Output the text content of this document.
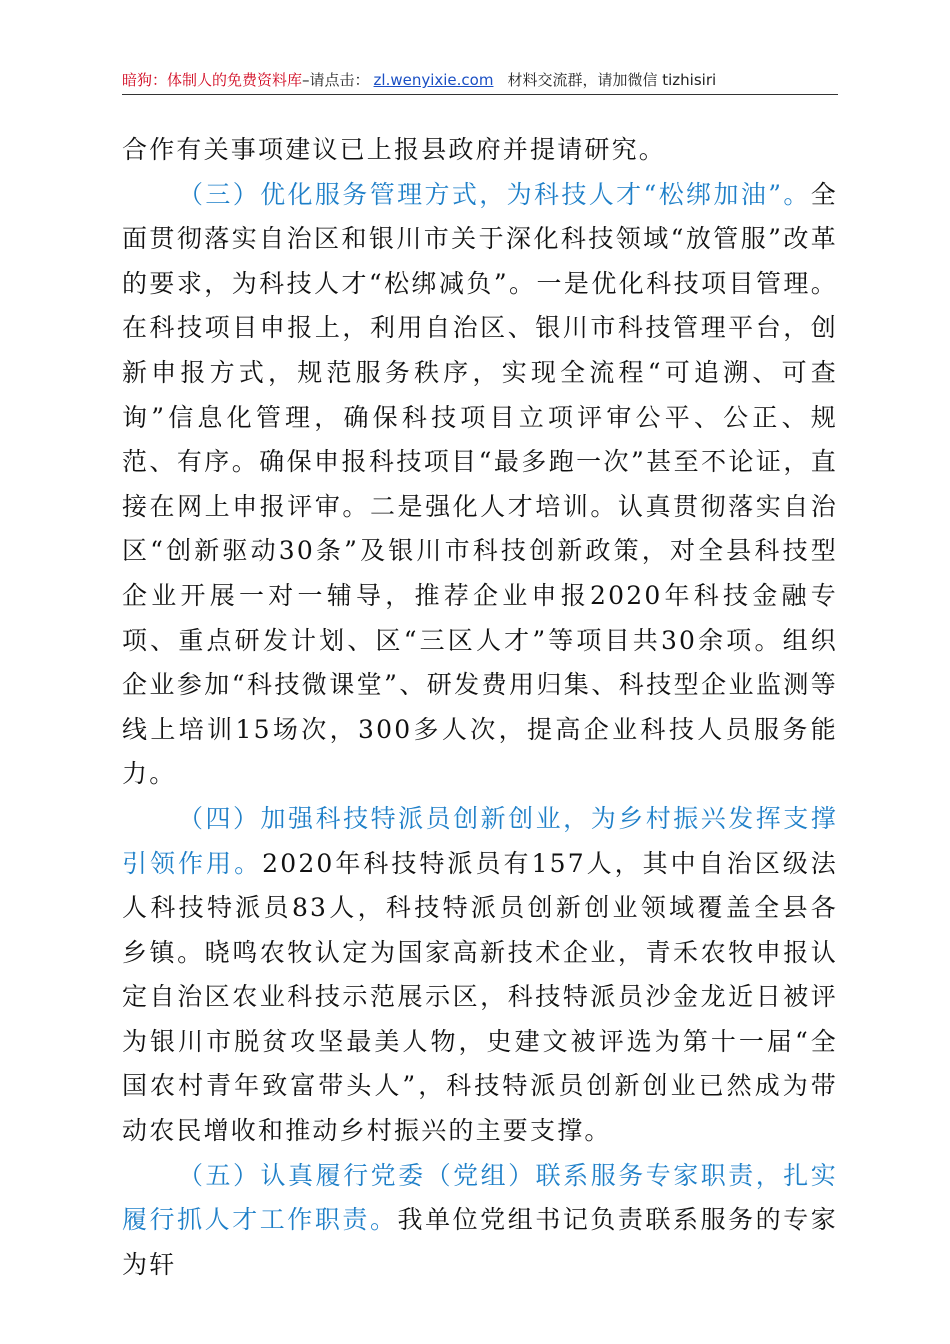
暗狗：体制人的免费资料库–请点击： zl.wenyixie.com 材料交流群，请加微信 tizhisiri

合作有关事项建议已上报县政府并提请研究。

（三）优化服务管理方式，为科技人才“松绑加油”。全面贯彻落实自治区和银川市关于深化科技领域“放管服”改革的要求，为科技人才“松绑减负”。一是优化科技项目管理。在科技项目申报上，利用自治区、银川市科技管理平台，创新申报方式，规范服务秩序，实现全流程“可追溯、可查询”信息化管理，确保科技项目立项评审公平、公正、规范、有序。确保申报科技项目“最多跑一次”甚至不论证，直接在网上申报评审。二是强化人才培训。认真贯彻落实自治区“创新驱动30条”及银川市科技创新政策，对全县科技型企业开展一对一辅导，推荐企业申报2020年科技金融专项、重点研发计划、区“三区人才”等项目共30余项。组织企业参加“科技微课堂”、研发费用归集、科技型企业监测等线上培训15场次，300多人次，提高企业科技人员服务能力。

（四）加强科技特派员创新创业，为乡村振兴发挥支撑引领作用。2020年科技特派员有157人，其中自治区级法人科技特派员83人，科技特派员创新创业领域覆盖全县各乡镇。晓鸣农牧认定为国家高新技术企业，青禾农牧申报认定自治区农业科技示范展示区，科技特派员沙金龙近日被评为银川市脱贫攻坚最美人物，史建文被评选为第十一届“全国农村青年致富带头人”，科技特派员创新创业已然成为带动农民增收和推动乡村振兴的主要支撑。

（五）认真履行党委（党组）联系服务专家职责，扎实履行抓人才工作职责。我单位党组书记负责联系服务的专家为轩
